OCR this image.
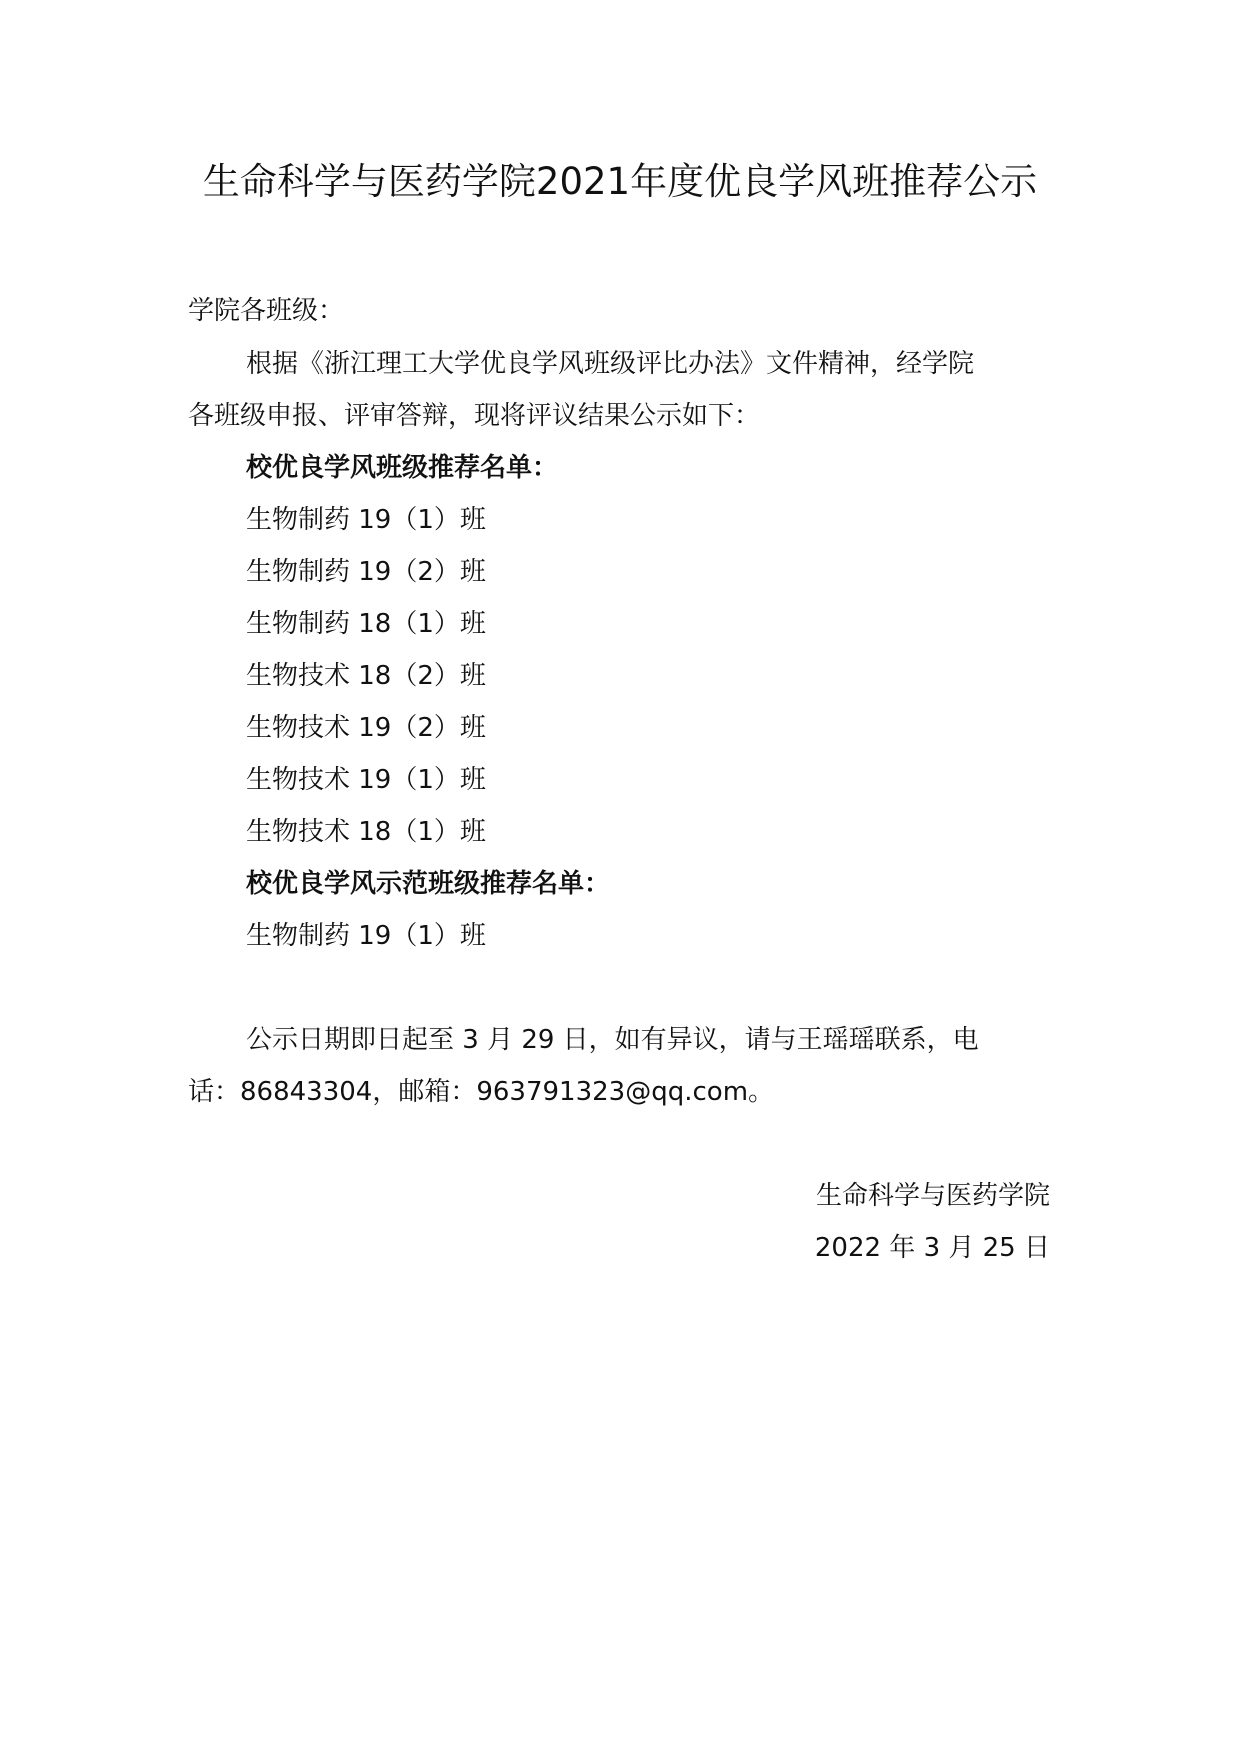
生命科学与医药学院2021年度优良学风班推荐公示
学院各班级：
根据《浙江理工大学优良学风班级评比办法》文件精神，经学院
各班级申报、评审答辩，现将评议结果公示如下：
校优良学风班级推荐名单：
生物制药 19（1）班
生物制药 19（2）班
生物制药 18（1）班
生物技术 18（2）班
生物技术 19（2）班
生物技术 19（1）班
生物技术 18（1）班
校优良学风示范班级推荐名单：
生物制药 19（1）班
公示日期即日起至 3 月 29 日，如有异议，请与王瑶瑶联系，电
话：86843304，邮箱：963791323@qq.com。
生命科学与医药学院
2022 年 3 月 25 日
